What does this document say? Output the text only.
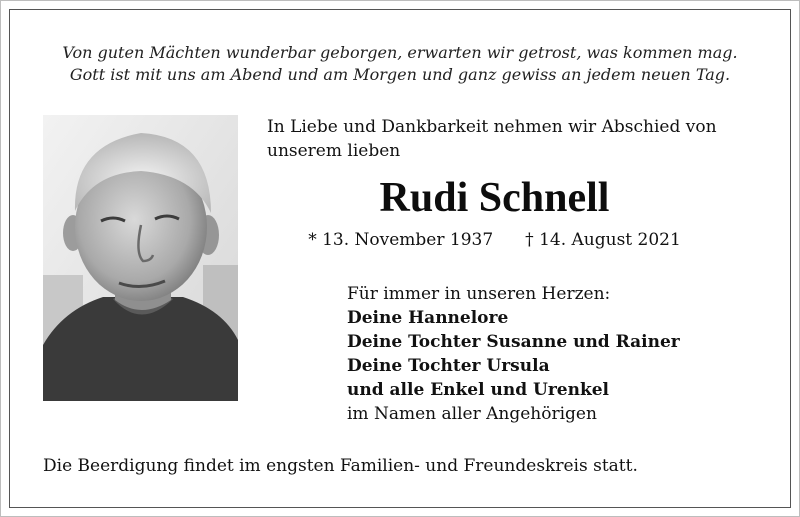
Von guten Mächten wunderbar geborgen, erwarten wir getrost, was kommen mag.
Gott ist mit uns am Abend und am Morgen und ganz gewiss an jedem neuen Tag.
In Liebe und Dankbarkeit nehmen wir Abschied von
unserem lieben
Rudi Schnell
* 13. November 1937 † 14. August 2021
Für immer in unseren Herzen:
Deine Hannelore
Deine Tochter Susanne und Rainer
Deine Tochter Ursula
und alle Enkel und Urenkel
im Namen aller Angehörigen
Die Beerdigung findet im engsten Familien- und Freundeskreis statt.
